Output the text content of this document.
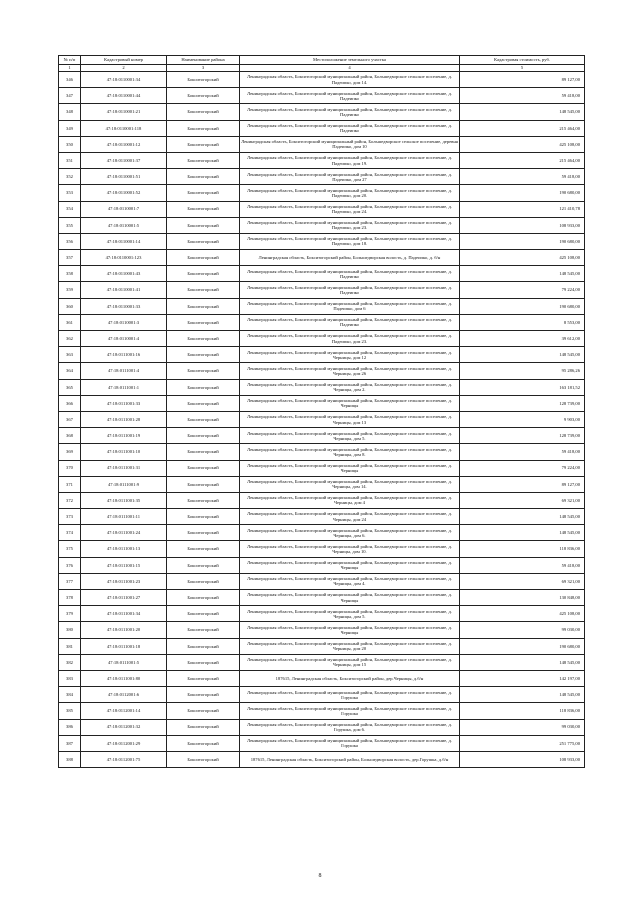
№ п/п	Кадастровый номер	Наименование района	Местоположение земельного участка	Кадастровая стоимость, руб.
1	2	3	4	5
346	47:18:0110001:34	Бокситогорский	Ленинградская область, Бокситогорский муниципальный район, Большедворское сельское поселение, д. Падеипко, дом 14.	89 127,00
347	47:18:0110001:44	Бокситогорский	Ленинградская область, Бокситогорский муниципальный район, Большедворское сельское поселение, д. Падеипко	59 418,00
348	47:18:0110001:21	Бокситогорский	Ленинградская область, Бокситогорский муниципальный район, Большедворское сельское поселение, д. Падеипко	148 545,00
349	47:18:0110001:118	Бокситогорский	Ленинградская область, Бокситогорский муниципальный район, Большедворское сельское поселение, д. Падеипко	215 464,00
350	47:18:0110001:12	Бокситогорский	Ленинградская область, Бокситогорский муниципальный район, Большедворское сельское поселение, деревня Падеипко, дом 10	425 108,00
351	47:18:0110001:37	Бокситогорский	Ленинградская область, Бокситогорский муниципальный район, Большедворское сельское поселение, д. Падеипко, дом 19.	215 464,00
352	47:18:0110001:51	Бокситогорский	Ленинградская область, Бокситогорский муниципальный район, Большедворское сельское поселение, д. Падеипко, дом 27	59 418,00
353	47:18:0110001:52	Бокситогорский	Ленинградская область, Бокситогорский муниципальный район, Большедворское сельское поселение, д. Падеипко, дом 20.	190 680,00
354	47:18:0110001:7	Бокситогорский	Ленинградская область, Бокситогорский муниципальный район, Большедворское сельское поселение, д. Падеипко, дом 24.	121 410,78
355	47:18:0110001:5	Бокситогорский	Ленинградская область, Бокситогорский муниципальный район, Большедворское сельское поселение, д. Падеипко, дом 23.	108 933,00
356	47:18:0110001:14	Бокситогорский	Ленинградская область, Бокситогорский муниципальный район, Большедворское сельское поселение, д. Падеипко, дом 18.	190 680,00
357	47:18:0110001:123	Бокситогорский	Ленинградская область, Бокситогорский район, Большедворская волость, д. Падеипко, д. б/н	425 108,00
358	47:18:0110001:43	Бокситогорский	Ленинградская область, Бокситогорский муниципальный район, Большедворское сельское поселение, д. Падеипко	148 545,00
359	47:18:0110001:41	Бокситогорский	Ленинградская область, Бокситогорский муниципальный район, Большедворское сельское поселение, д. Падеипко	79 224,00
360	47:18:0110001:33	Бокситогорский	Ленинградская область, Бокситогорский муниципальный район, Большедворское сельское поселение, д. Падеипко, дом 6	190 680,00
361	47:18:0110001:3	Бокситогорский	Ленинградская область, Бокситогорский муниципальный район, Большедворское сельское поселение, д. Падеипко	8 553,00
362	47:18:0110001:4	Бокситогорский	Ленинградская область, Бокситогорский муниципальный район, Большедворское сельское поселение, д. Падеипко, дом 23.	39 612,00
363	47:18:0111001:16	Бокситогорский	Ленинградская область, Бокситогорский муниципальный район, Большедворское сельское поселение, д. Черницы, дом 12	148 545,00
364	47:18:0111001:4	Бокситогорский	Ленинградская область, Бокситогорский муниципальный район, Большедворское сельское поселение, д. Черницы, дом 26	95 286,26
365	47:18:0111001:1	Бокситогорский	Ленинградская область, Бокситогорский муниципальный район, Большедворское сельское поселение, д. Черницы, дом 2.	163 181,52
366	47:18:0111001:33	Бокситогорский	Ленинградская область, Бокситогорский муниципальный район, Большедворское сельское поселение, д. Черницы	128 739,00
367	47:18:0111001:28	Бокситогорский	Ленинградская область, Бокситогорский муниципальный район, Большедворское сельское поселение, д. Черницы, дом 13	9 903,00
368	47:18:0111001:19	Бокситогорский	Ленинградская область, Бокситогорский муниципальный район, Большедворское сельское поселение, д. Черницы, дом 5.	128 739,00
369	47:18:0111001:10	Бокситогорский	Ленинградская область, Бокситогорский муниципальный район, Большедворское сельское поселение, д. Черницы, дом 8.	59 418,00
370	47:18:0111001:31	Бокситогорский	Ленинградская область, Бокситогорский муниципальный район, Большедворское сельское поселение, д. Черницы	79 224,00
371	47:18:0111001:9	Бокситогорский	Ленинградская область, Бокситогорский муниципальный район, Большедворское сельское поселение, д. Черницы, дом 14.	89 127,00
372	47:18:0111001:35	Бокситогорский	Ленинградская область, Бокситогорский муниципальный район, Большедворское сельское поселение, д. Черницы, дом 4	69 321,00
373	47:18:0111001:11	Бокситогорский	Ленинградская область, Бокситогорский муниципальный район, Большедворское сельское поселение, д. Черницы, дом 24	148 545,00
374	47:18:0111001:24	Бокситогорский	Ленинградская область, Бокситогорский муниципальный район, Большедворское сельское поселение, д. Черницы, дом 6.	148 545,00
375	47:18:0111001:13	Бокситогорский	Ленинградская область, Бокситогорский муниципальный район, Большедворское сельское поселение, д. Черницы, дом 10.	118 836,00
376	47:18:0111001:15	Бокситогорский	Ленинградская область, Бокситогорский муниципальный район, Большедворское сельское поселение, д. Черницы	59 418,00
377	47:18:0111001:23	Бокситогорский	Ленинградская область, Бокситогорский муниципальный район, Большедворское сельское поселение, д. Черницы, дом 4.	69 321,00
378	47:18:0111001:27	Бокситогорский	Ленинградская область, Бокситогорский муниципальный район, Большедворское сельское поселение, д. Черницы	130 848,00
379	47:18:0111001:34	Бокситогорский	Ленинградская область, Бокситогорский муниципальный район, Большедворское сельское поселение, д. Черницы, дом 5.	425 108,00
380	47:18:0111001:20	Бокситогорский	Ленинградская область, Бокситогорский муниципальный район, Большедворское сельское поселение, д. Черницы	99 030,00
381	47:18:0111001:18	Бокситогорский	Ленинградская область, Бокситогорский муниципальный район, Большедворское сельское поселение, д. Черницы, дом 20	190 680,00
382	47:18:0111001:5	Бокситогорский	Ленинградская область, Бокситогорский муниципальный район, Большедворское сельское поселение, д. Черницы, дом 15	148 545,00
383	47:18:0111001:80	Бокситогорский	187615, Ленинградская область, Бокситогорский район, дер.Черницы, д.б/н	142 197,00
384	47:18:0112001:6	Бокситогорский	Ленинградская область, Бокситогорский муниципальный район, Большедворское сельское поселение, д. Горушка	148 545,00
385	47:18:0112001:14	Бокситогорский	Ленинградская область, Бокситогорский муниципальный район, Большедворское сельское поселение, д. Горушка	118 836,00
386	47:18:0112001:32	Бокситогорский	Ленинградская область, Бокситогорский муниципальный район, Большедворское сельское поселение, д. Горушка, дом 6.	99 030,00
387	47:18:0112001:29	Бокситогорский	Ленинградская область, Бокситогорский муниципальный район, Большедворское сельское поселение, д. Горушка	251 775,00
388	47:18:0112001:75	Бокситогорский	187615, Ленинградская область, Бокситогорский район, Большедворская волость, дер.Горушка, д.б/н	108 933,00
8
